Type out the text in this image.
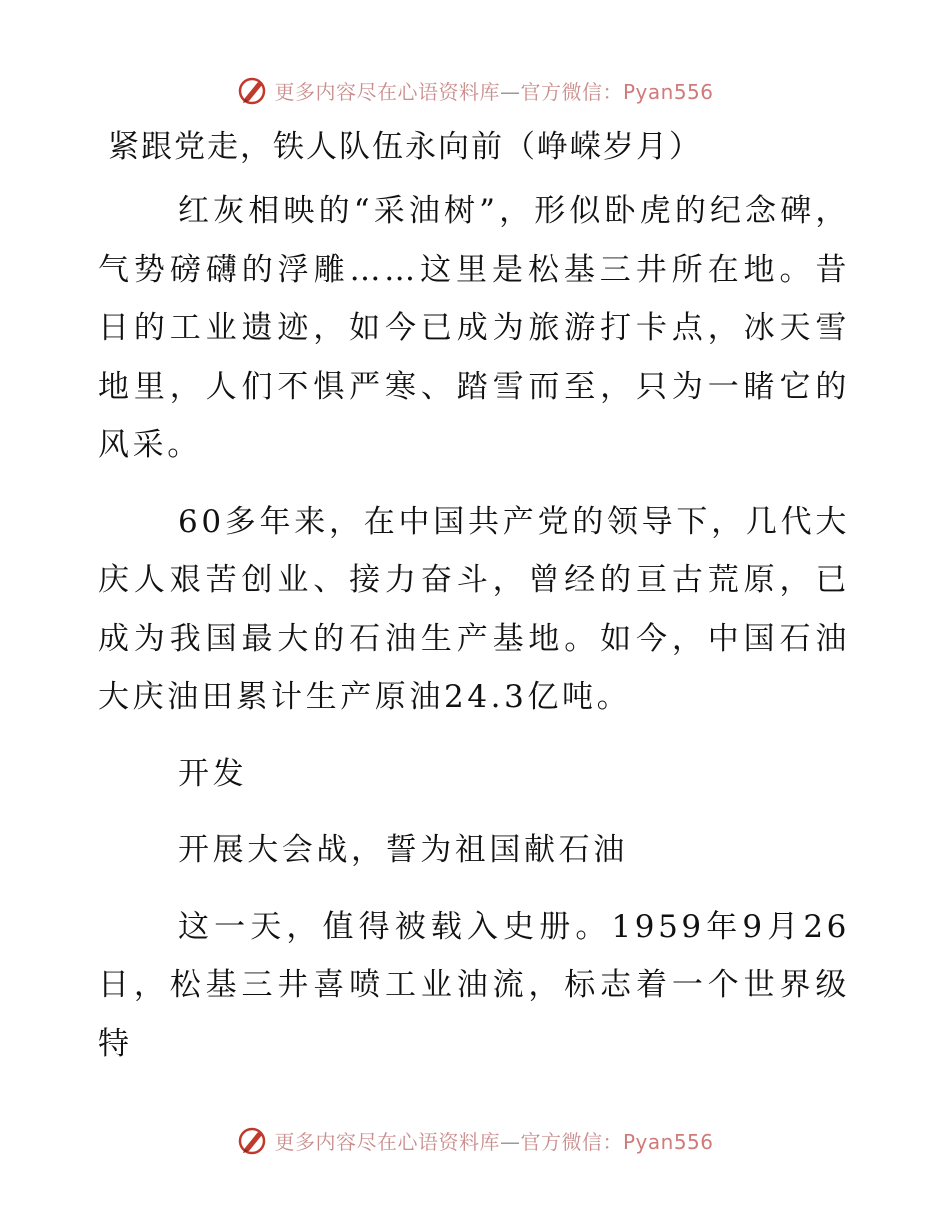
更多内容尽在心语资料库—官方微信：Pyan556
紧跟党走，铁人队伍永向前（峥嵘岁月）

红灰相映的“采油树”，形似卧虎的纪念碑，气势磅礴的浮雕……这里是松基三井所在地。昔日的工业遗迹，如今已成为旅游打卡点，冰天雪地里，人们不惧严寒、踏雪而至，只为一睹它的风采。

60多年来，在中国共产党的领导下，几代大庆人艰苦创业、接力奋斗，曾经的亘古荒原，已成为我国最大的石油生产基地。如今，中国石油大庆油田累计生产原油24.3亿吨。

开发

开展大会战，誓为祖国献石油

这一天，值得被载入史册。1959年9月26日，松基三井喜喷工业油流，标志着一个世界级特

更多内容尽在心语资料库—官方微信：Pyan556
